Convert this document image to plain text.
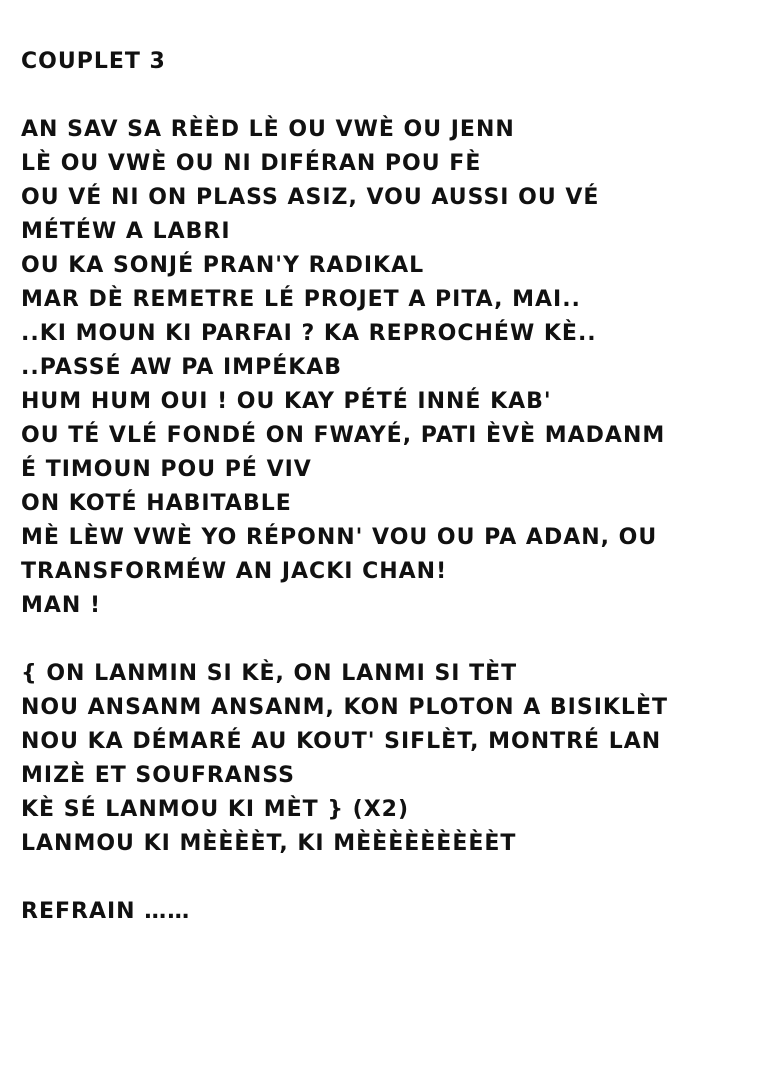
COUPLET 3
AN SAV SA RÈÈD LÈ OU VWÈ OU JENN
LÈ OU VWÈ OU NI DIFÉRAN POU FÈ
OU VÉ NI ON PLASS ASIZ, VOU AUSSI OU VÉ
MÉTÉW A LABRI
OU KA SONJÉ PRAN'Y RADIKAL
MAR DÈ REMETRE LÉ PROJET A PITA, MAI..
..KI MOUN KI PARFAI ? KA REPROCHÉW KÈ..
..PASSÉ AW PA IMPÉKAB
HUM HUM OUI ! OU KAY PÉTÉ INNÉ KAB'
OU TÉ VLÉ FONDÉ ON FWAYÉ, PATI ÈVÈ MADANM
É TIMOUN POU PÉ VIV
ON KOTÉ HABITABLE
MÈ LÈW VWÈ YO RÉPONN' VOU OU PA ADAN, OU
TRANSFORMÉW AN JACKI CHAN!
MAN !
{ ON LANMIN SI KÈ, ON LANMI SI TÈT
NOU ANSANM ANSANM, KON PLOTON A BISIKLÈT
NOU KA DÉMARÉ AU KOUT' SIFLÈT, MONTRÉ LAN
MIZÈ ET SOUFRANSS
KÈ SÉ LANMOU KI MÈT } (X2)
LANMOU KI MÈÈÈÈT, KI MÈÈÈÈÈÈÈÈÈT
REFRAIN ……
